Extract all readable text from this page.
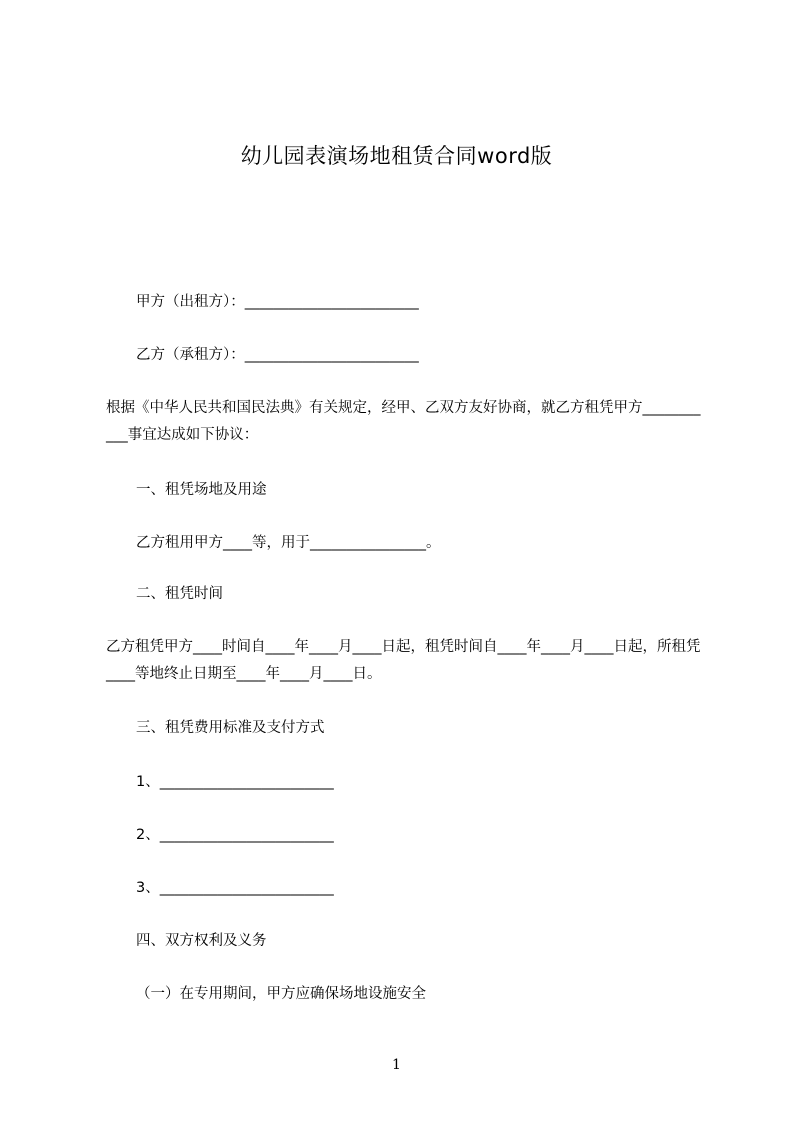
幼儿园表演场地租赁合同word版
甲方（出租方）：________________________
乙方（承租方）：________________________
根据《中华人民共和国民法典》有关规定，经甲、乙双方友好协商，就乙方租凭甲方___________事宜达成如下协议：
一、租凭场地及用途
乙方租用甲方____等，用于________________。
二、租凭时间
乙方租凭甲方____时间自____年____月____日起，租凭时间自____年____月____日起，所租凭____等地终止日期至____年____月____日。
三、租凭费用标准及支付方式
1、________________________
2、________________________
3、________________________
四、双方权利及义务
（一）在专用期间，甲方应确保场地设施安全
1
